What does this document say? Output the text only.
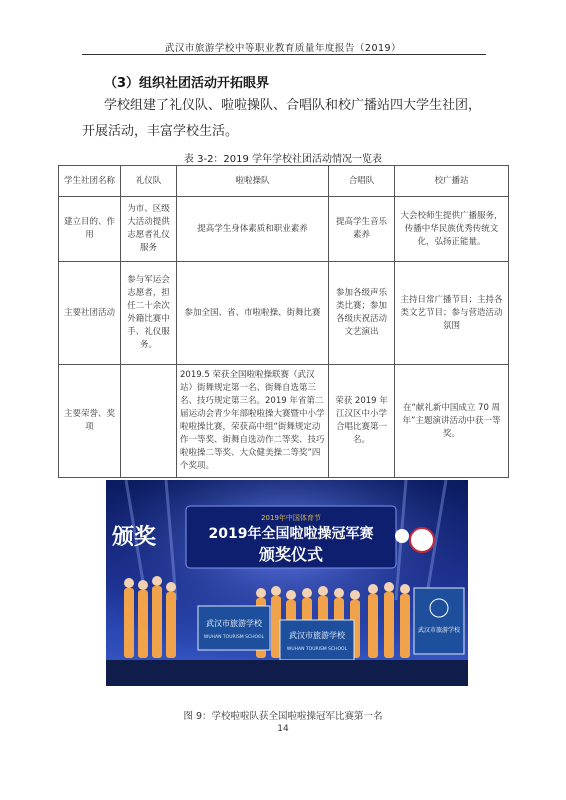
武汉市旅游学校中等职业教育质量年度报告（2019）
（3）组织社团活动开拓眼界
学校组建了礼仪队、啦啦操队、合唱队和校广播站四大学生社团，
开展活动，丰富学校生活。
表 3-2：2019 学年学校社团活动情况一览表
学生社团名称	礼仪队	啦啦操队	合唱队	校广播站
建立目的、作用	为市、区级大活动提供志愿者礼仪服务	提高学生身体素质和职业素养	提高学生音乐素养	大会校师生提供广播服务，传播中华民族优秀传统文化，弘扬正能量。
主要社团活动	参与军运会志愿者，担任二十余次外籍比赛中手、礼仪服务。	参加全国、省、市啦啦操、街舞比赛	参加各级声乐类比赛；参加各级庆祝活动文艺演出	主持日常广播节目；主持各类文艺节目；参与营造活动氛围
主要荣誉、奖项		2019.5 荣获全国啦啦操联赛（武汉站）街舞规定第一名、街舞自选第三名、技巧规定第三名。2019 年省第二届运动会青少年部啦啦操大赛暨中小学啦啦操比赛，荣获高中组“街舞规定动作一等奖、街舞自选动作二等奖、技巧啦啦操二等奖、大众健美操二等奖”四个奖项。	荣获 2019 年江汉区中小学合唱比赛第一名。	在“献礼新中国成立 70 周年”主题演讲活动中获一等奖。
2019年中国体育节
2019年全国啦啦操冠军赛
颁奖仪式
颁奖
武汉市旅游学校
WUHAN TOURISM SCHOOL	武汉市旅游学校
WUHAN TOURISM SCHOOL
武汉市旅游学校
图 9：学校啦啦队获全国啦啦操冠军比赛第一名
14
